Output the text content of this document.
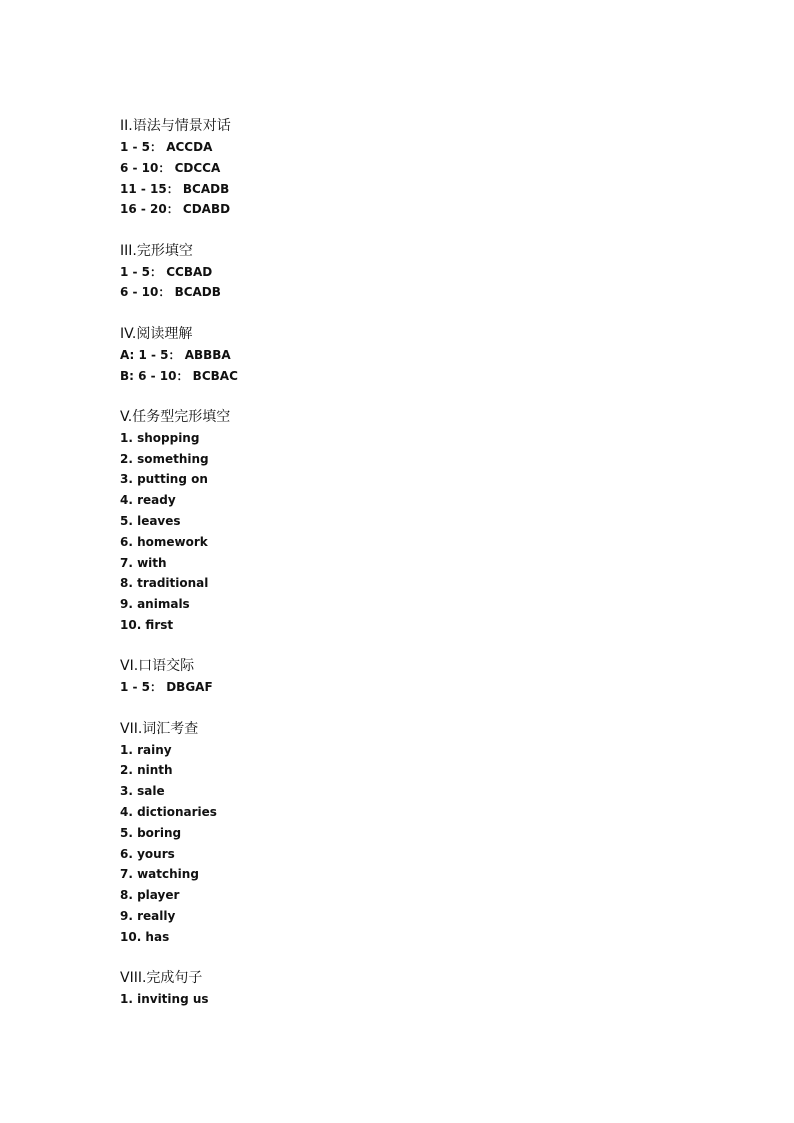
II.语法与情景对话
1 - 5： ACCDA
6 - 10： CDCCA
11 - 15： BCADB
16 - 20： CDABD
III.完形填空
1 - 5： CCBAD
6 - 10： BCADB
IV.阅读理解
A: 1 - 5： ABBBA
B: 6 - 10： BCBAC
V.任务型完形填空
1. shopping
2. something
3. putting on
4. ready
5. leaves
6. homework
7. with
8. traditional
9. animals
10. first
VI.口语交际
1 - 5： DBGAF
VII.词汇考查
1. rainy
2. ninth
3. sale
4. dictionaries
5. boring
6. yours
7. watching
8. player
9. really
10. has
VIII.完成句子
1. inviting us
